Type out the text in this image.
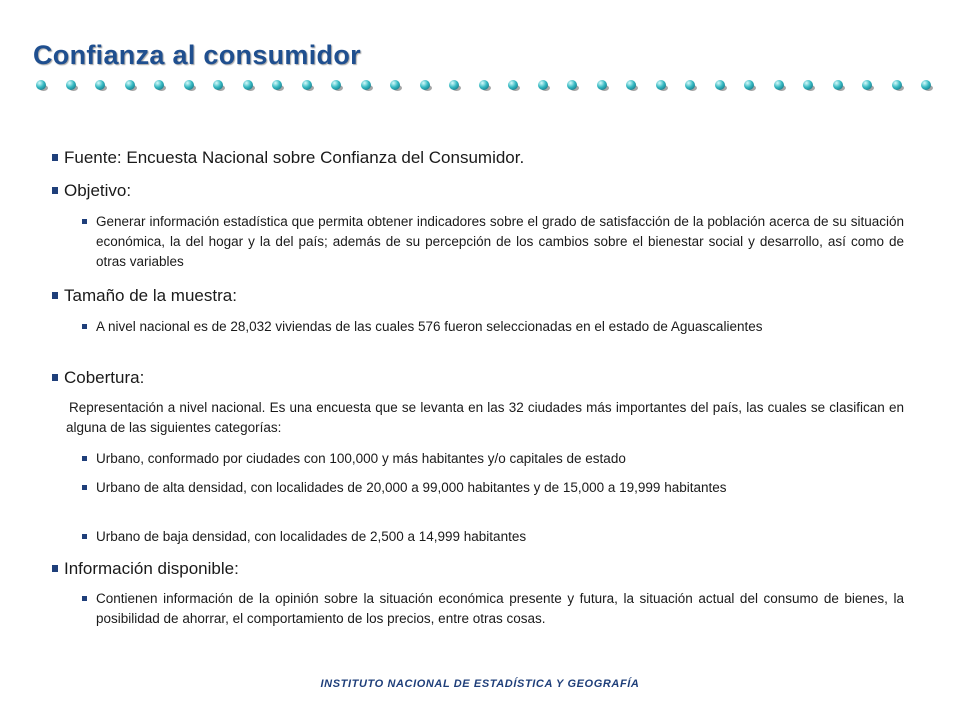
Confianza al consumidor
Fuente: Encuesta Nacional sobre Confianza del Consumidor.
Objetivo:
Generar información estadística que permita obtener indicadores sobre el grado de satisfacción de la población acerca de su situación económica, la del hogar y la del país; además de su percepción de los cambios sobre el bienestar social y desarrollo, así como de otras variables
Tamaño de la muestra:
A nivel nacional es de 28,032 viviendas de las cuales 576 fueron seleccionadas en el estado de Aguascalientes
Cobertura:
Representación a nivel nacional. Es una encuesta que se levanta en las 32 ciudades más importantes del país, las cuales se clasifican en alguna de las siguientes categorías:
Urbano, conformado por ciudades con 100,000 y más habitantes y/o capitales de estado
Urbano de alta densidad, con localidades de 20,000 a 99,000 habitantes y de 15,000 a 19,999 habitantes
Urbano de baja densidad, con localidades de 2,500 a 14,999 habitantes
Información disponible:
Contienen información de la opinión sobre la situación económica presente y futura, la situación actual del consumo de bienes, la posibilidad de ahorrar, el comportamiento de los precios, entre otras cosas.
INSTITUTO NACIONAL DE ESTADÍSTICA Y GEOGRAFÍA
